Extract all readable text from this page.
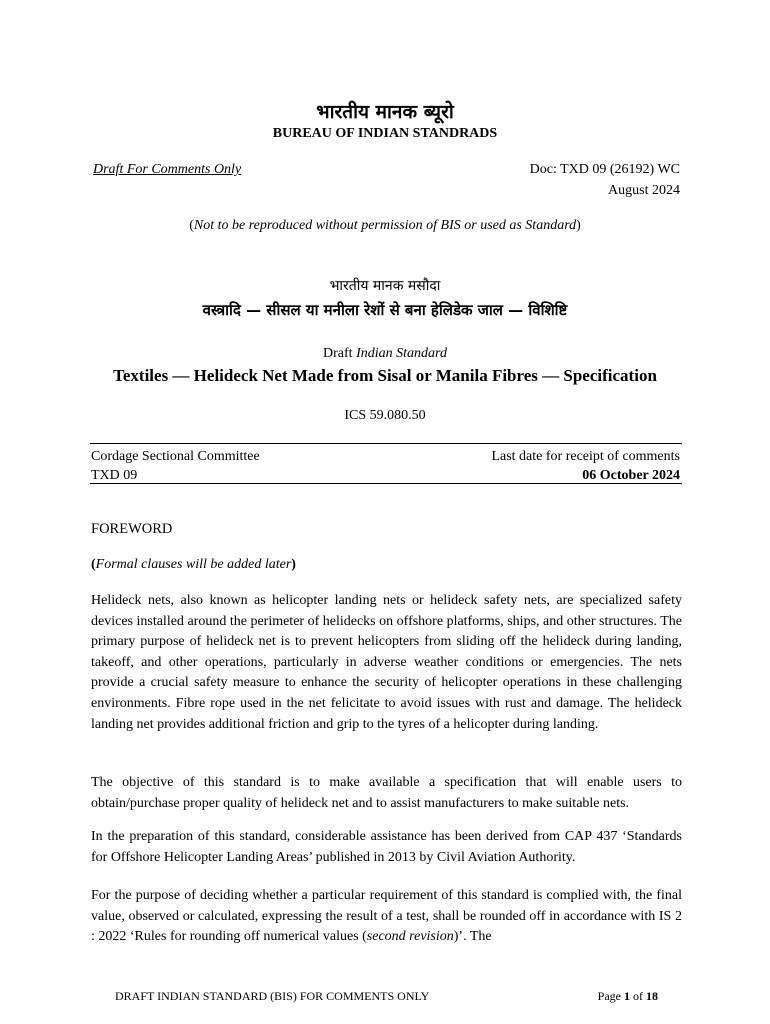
भारतीय मानक ब्यूरो
BUREAU OF INDIAN STANDRADS
Draft For Comments Only	Doc: TXD 09 (26192) WC
August 2024
(Not to be reproduced without permission of BIS or used as Standard)
भारतीय मानक मसौदा
वस्त्रादि — सीसल या मनीला रेशों से बना हेलिडेक जाल — विशिष्टि
Draft Indian Standard
Textiles — Helideck Net Made from Sisal or Manila Fibres — Specification
ICS 59.080.50
Cordage Sectional Committee
TXD 09
Last date for receipt of comments
06 October 2024
FOREWORD
(Formal clauses will be added later)

Helideck nets, also known as helicopter landing nets or helideck safety nets, are specialized safety devices installed around the perimeter of helidecks on offshore platforms, ships, and other structures. The primary purpose of helideck net is to prevent helicopters from sliding off the helideck during landing, takeoff, and other operations, particularly in adverse weather conditions or emergencies. The nets provide a crucial safety measure to enhance the security of helicopter operations in these challenging environments. Fibre rope used in the net felicitate to avoid issues with rust and damage. The helideck landing net provides additional friction and grip to the tyres of a helicopter during landing.

The objective of this standard is to make available a specification that will enable users to obtain/purchase proper quality of helideck net and to assist manufacturers to make suitable nets.

In the preparation of this standard, considerable assistance has been derived from CAP 437 ‘Standards for Offshore Helicopter Landing Areas’ published in 2013 by Civil Aviation Authority.

For the purpose of deciding whether a particular requirement of this standard is complied with, the final value, observed or calculated, expressing the result of a test, shall be rounded off in accordance with IS 2 : 2022 ‘Rules for rounding off numerical values (second revision)’. The

DRAFT INDIAN STANDARD (BIS) FOR COMMENTS ONLY	Page 1 of 18
